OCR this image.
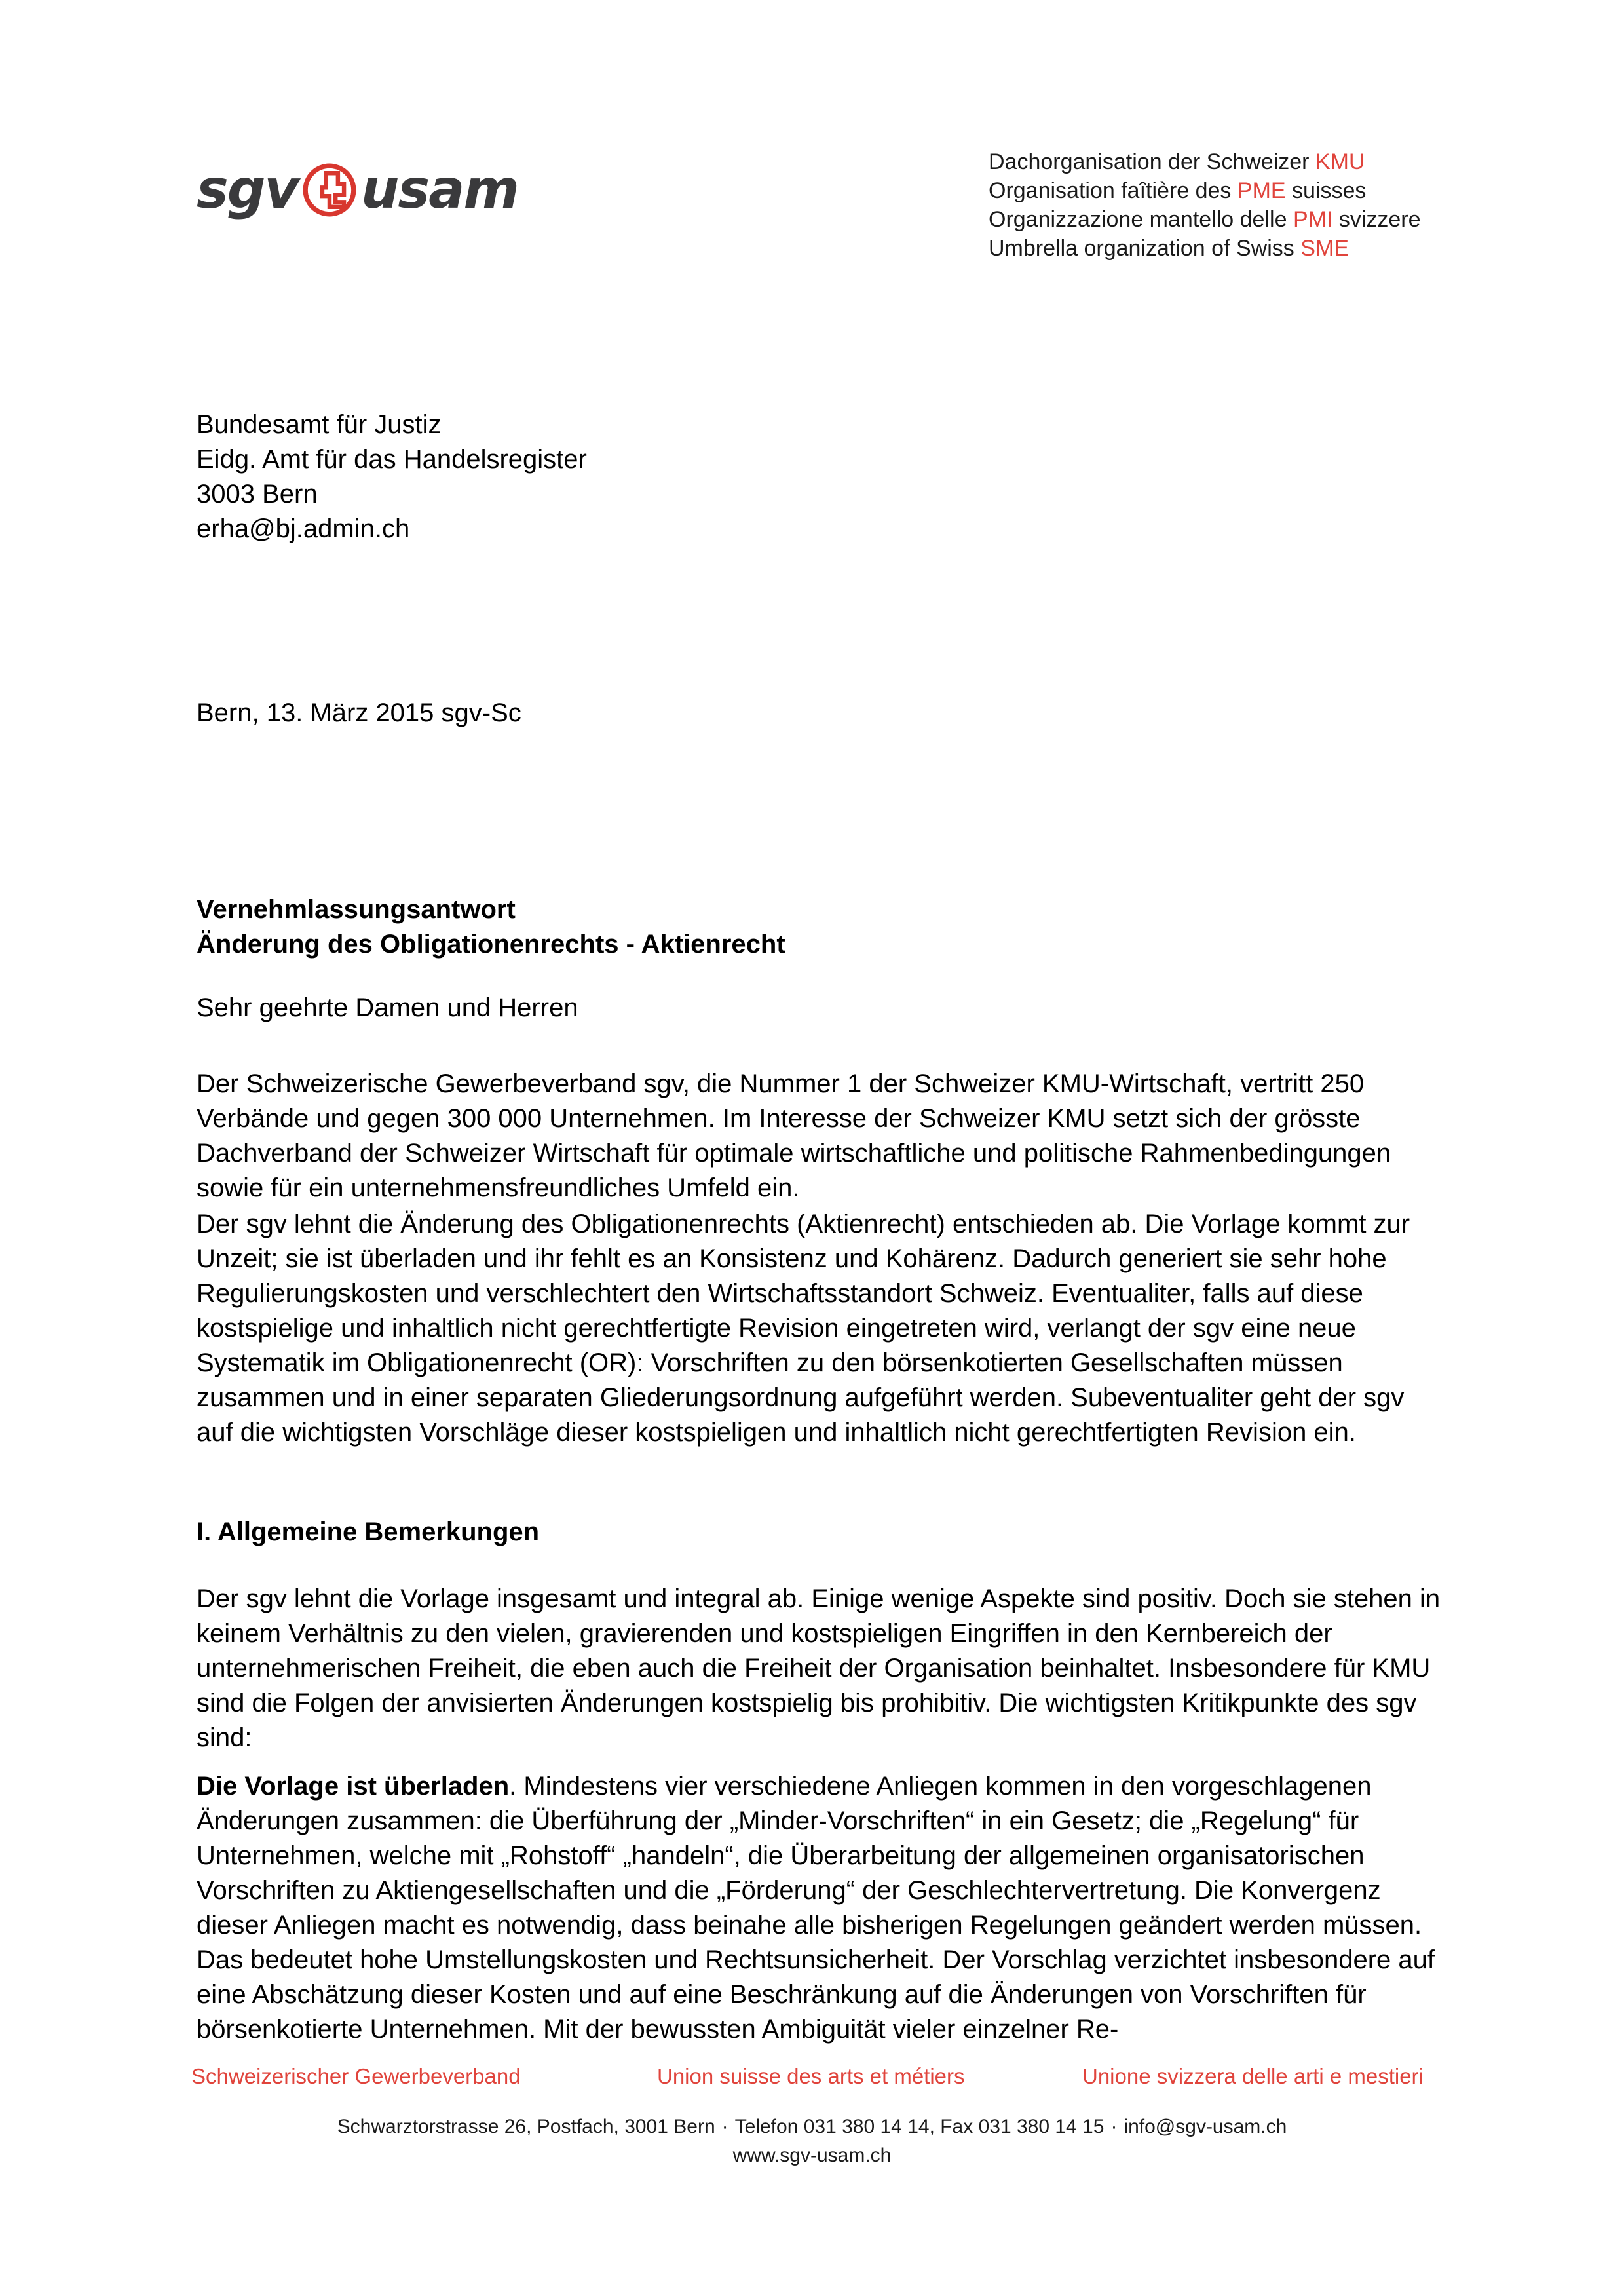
sgv usam	Dachorganisation der Schweizer KMU
Organisation faîtière des PME suisses
Organizzazione mantello delle PMI svizzere
Umbrella organization of Swiss SME

Bundesamt für Justiz

Eidg. Amt für das Handelsregister

3003 Bern

erha@bj.admin.ch

Bern, 13. März 2015 sgv-Sc

Vernehmlassungsantwort

Änderung des Obligationenrechts - Aktienrecht

Sehr geehrte Damen und Herren

Der Schweizerische Gewerbeverband sgv, die Nummer 1 der Schweizer KMU-Wirtschaft, vertritt 250 Verbände und gegen 300 000 Unternehmen. Im Interesse der Schweizer KMU setzt sich der grösste Dachverband der Schweizer Wirtschaft für optimale wirtschaftliche und politische Rahmenbedingungen sowie für ein unternehmensfreundliches Umfeld ein.

Der sgv lehnt die Änderung des Obligationenrechts (Aktienrecht) entschieden ab. Die Vorlage kommt zur Unzeit; sie ist überladen und ihr fehlt es an Konsistenz und Kohärenz. Dadurch generiert sie sehr hohe Regulierungskosten und verschlechtert den Wirtschaftsstandort Schweiz. Eventualiter, falls auf diese kostspielige und inhaltlich nicht gerechtfertigte Revision eingetreten wird, verlangt der sgv eine neue Systematik im Obligationenrecht (OR): Vorschriften zu den börsenkotierten Gesellschaften müssen zusammen und in einer separaten Gliederungsordnung aufgeführt werden. Subeventualiter geht der sgv auf die wichtigsten Vorschläge dieser kostspieligen und inhaltlich nicht gerechtfertigten Revision ein.

I. Allgemeine Bemerkungen

Der sgv lehnt die Vorlage insgesamt und integral ab. Einige wenige Aspekte sind positiv. Doch sie stehen in keinem Verhältnis zu den vielen, gravierenden und kostspieligen Eingriffen in den Kernbereich der unternehmerischen Freiheit, die eben auch die Freiheit der Organisation beinhaltet. Insbesondere für KMU sind die Folgen der anvisierten Änderungen kostspielig bis prohibitiv. Die wichtigsten Kritikpunkte des sgv sind:

Die Vorlage ist überladen. Mindestens vier verschiedene Anliegen kommen in den vorgeschlagenen Änderungen zusammen: die Überführung der „Minder-Vorschriften“ in ein Gesetz; die „Regelung“ für Unternehmen, welche mit „Rohstoff“ „handeln“, die Überarbeitung der allgemeinen organisatorischen Vorschriften zu Aktiengesellschaften und die „Förderung“ der Geschlechtervertretung. Die Konvergenz dieser Anliegen macht es notwendig, dass beinahe alle bisherigen Regelungen geändert werden müssen. Das bedeutet hohe Umstellungskosten und Rechtsunsicherheit. Der Vorschlag verzichtet insbesondere auf eine Abschätzung dieser Kosten und auf eine Beschränkung auf die Änderungen von Vorschriften für börsenkotierte Unternehmen. Mit der bewussten Ambiguität vieler einzelner Re-

Schweizerischer Gewerbeverband	Union suisse des arts et métiers	Unione svizzera delle arti e mestieri
Schwarztorstrasse 26, Postfach, 3001 Bern · Telefon 031 380 14 14, Fax 031 380 14 15 · info@sgv-usam.ch
www.sgv-usam.ch
